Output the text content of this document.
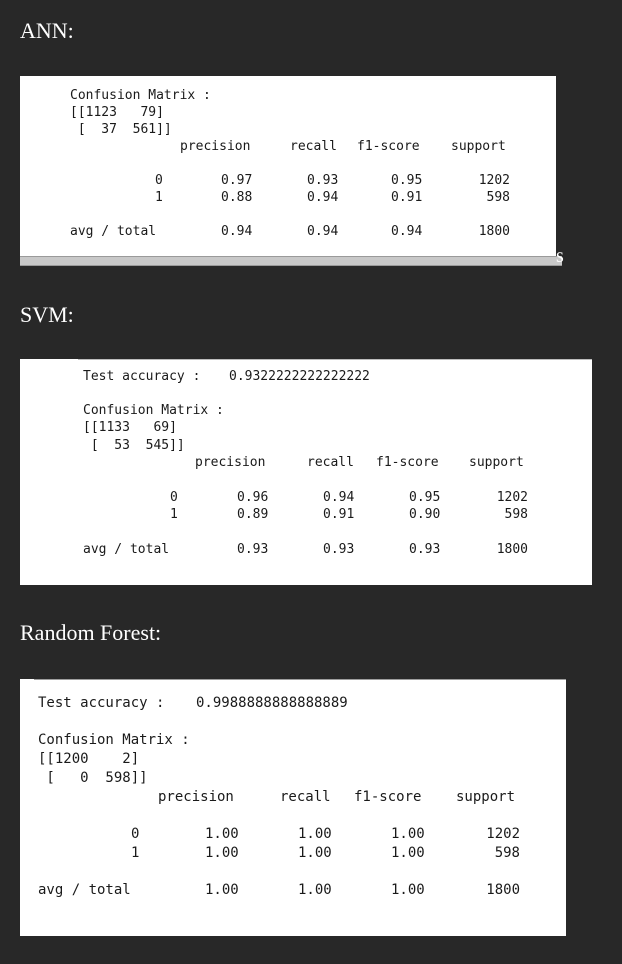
ANN:
Confusion Matrix :
[[1123   79]
[  37  561]]
precision	recall f1-score support
0	0.97	0.93	0.95	1202
1	0.88	0.94	0.91	598
avg / total	0.94	0.94	0.94	1800
s
SVM:
Test accuracy : 0.9322222222222222
Confusion Matrix :
[[1133   69]
[  53  545]]
precision	recall f1-score support
0	0.96	0.94	0.95	1202
1	0.89	0.91	0.90	598
avg / total	0.93	0.93	0.93	1800
Random Forest:
Test accuracy : 0.9988888888888889
Confusion Matrix :
[[1200    2]
[   0  598]]
precision	recall f1-score support
0	1.00	1.00	1.00	1202
1	1.00	1.00	1.00	598
avg / total	1.00	1.00	1.00	1800
